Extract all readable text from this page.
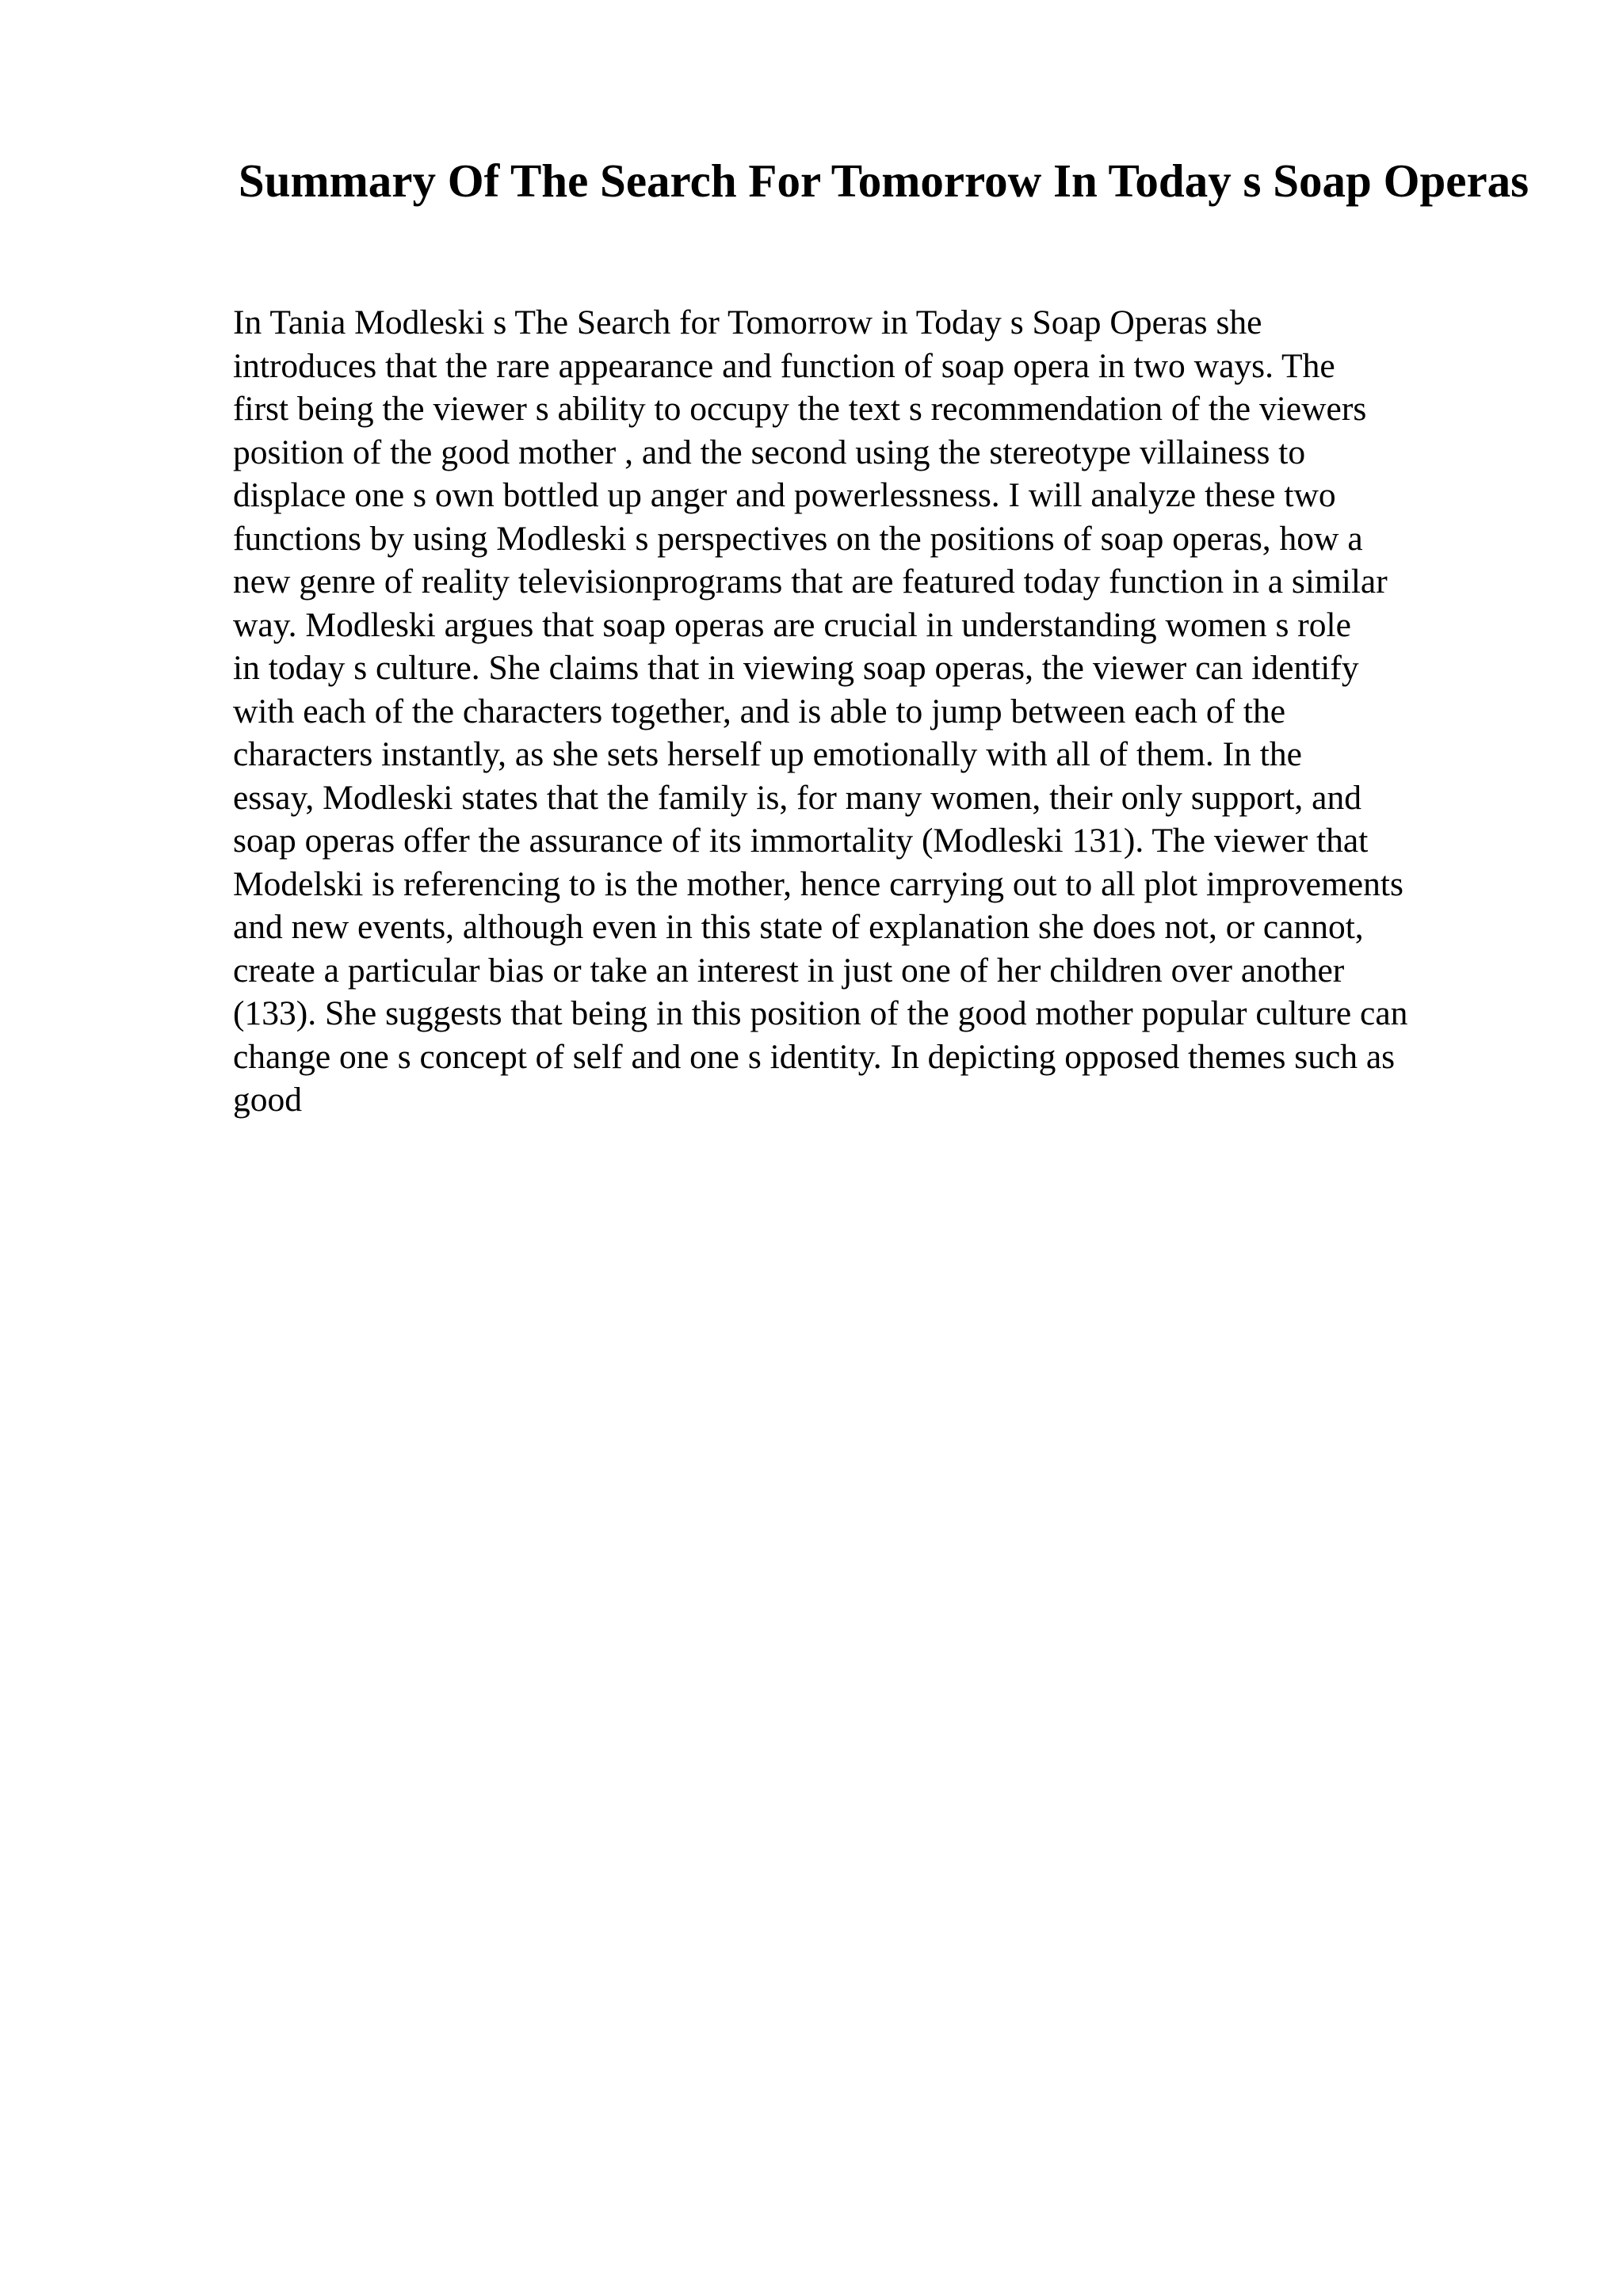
Summary Of The Search For Tomorrow In Today s Soap Operas
In Tania Modleski s The Search for Tomorrow in Today s Soap Operas she
introduces that the rare appearance and function of soap opera in two ways. The
first being the viewer s ability to occupy the text s recommendation of the viewers
position of the good mother , and the second using the stereotype villainess to
displace one s own bottled up anger and powerlessness. I will analyze these two
functions by using Modleski s perspectives on the positions of soap operas, how a
new genre of reality televisionprograms that are featured today function in a similar
way. Modleski argues that soap operas are crucial in understanding women s role
in today s culture. She claims that in viewing soap operas, the viewer can identify
with each of the characters together, and is able to jump between each of the
characters instantly, as she sets herself up emotionally with all of them. In the
essay, Modleski states that the family is, for many women, their only support, and
soap operas offer the assurance of its immortality (Modleski 131). The viewer that
Modelski is referencing to is the mother, hence carrying out to all plot improvements
and new events, although even in this state of explanation she does not, or cannot,
create a particular bias or take an interest in just one of her children over another
(133). She suggests that being in this position of the good mother popular culture can
change one s concept of self and one s identity. In depicting opposed themes such as
good
